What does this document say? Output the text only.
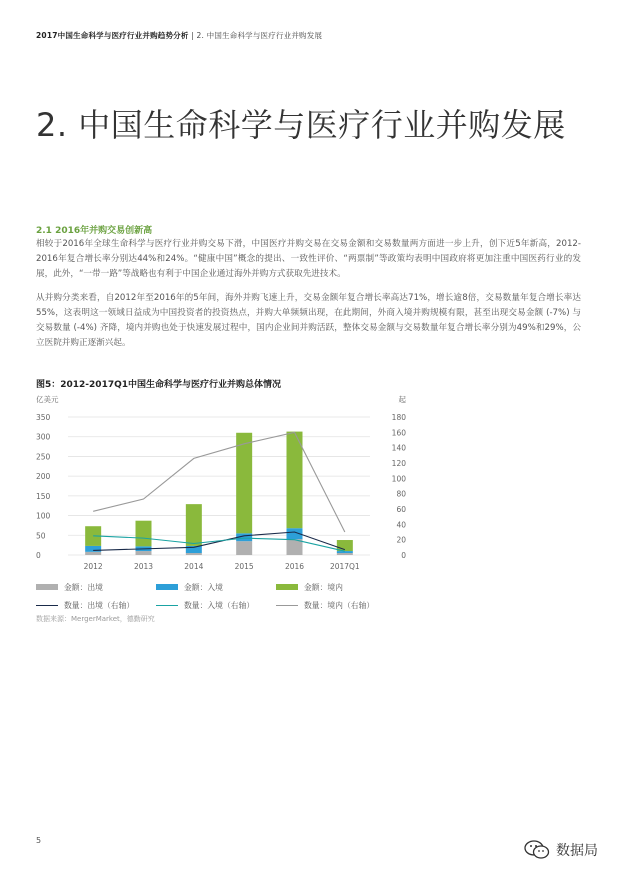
2017中国生命科学与医疗行业并购趋势分析 | 2. 中国生命科学与医疗行业并购发展
2. 中国生命科学与医疗行业并购发展
2.1 2016年并购交易创新高
相较于2016年全球生命科学与医疗行业并购交易下滑，中国医疗并购交易在交易金额和交易数量两方面进一步上升，创下近5年新高，2012-2016年复合增长率分别达44%和24%。“健康中国”概念的提出、一致性评价、“两票制”等政策均表明中国政府将更加注重中国医药行业的发展，此外，“一带一路”等战略也有利于中国企业通过海外并购方式获取先进技术。
从并购分类来看，自2012年至2016年的5年间，海外并购飞速上升，交易金额年复合增长率高达71%，增长逾8倍，交易数量年复合增长率达55%，这表明这一领域日益成为中国投资者的投资热点，并购大单频频出现，在此期间，外商入境并购规模有限，甚至出现交易金额 (-7%) 与交易数量 (-4%) 齐降，境内并购也处于快速发展过程中，国内企业间并购活跃，整体交易金额与交易数量年复合增长率分别为49%和29%，公立医院并购正逐渐兴起。
图5：2012-2017Q1中国生命科学与医疗行业并购总体情况
亿美元	起
0
50
100
150
200
250
300
350
0
20
40
60
80
100
120
140
160
180
2012	2013	2014	2015	2016	2017Q1
金额：出境	金额：入境	金额：境内
数量：出境（右轴）	数量：入境（右轴）	数量：境内（右轴）
数据来源：MergerMarket，德勤研究
5
数据局
